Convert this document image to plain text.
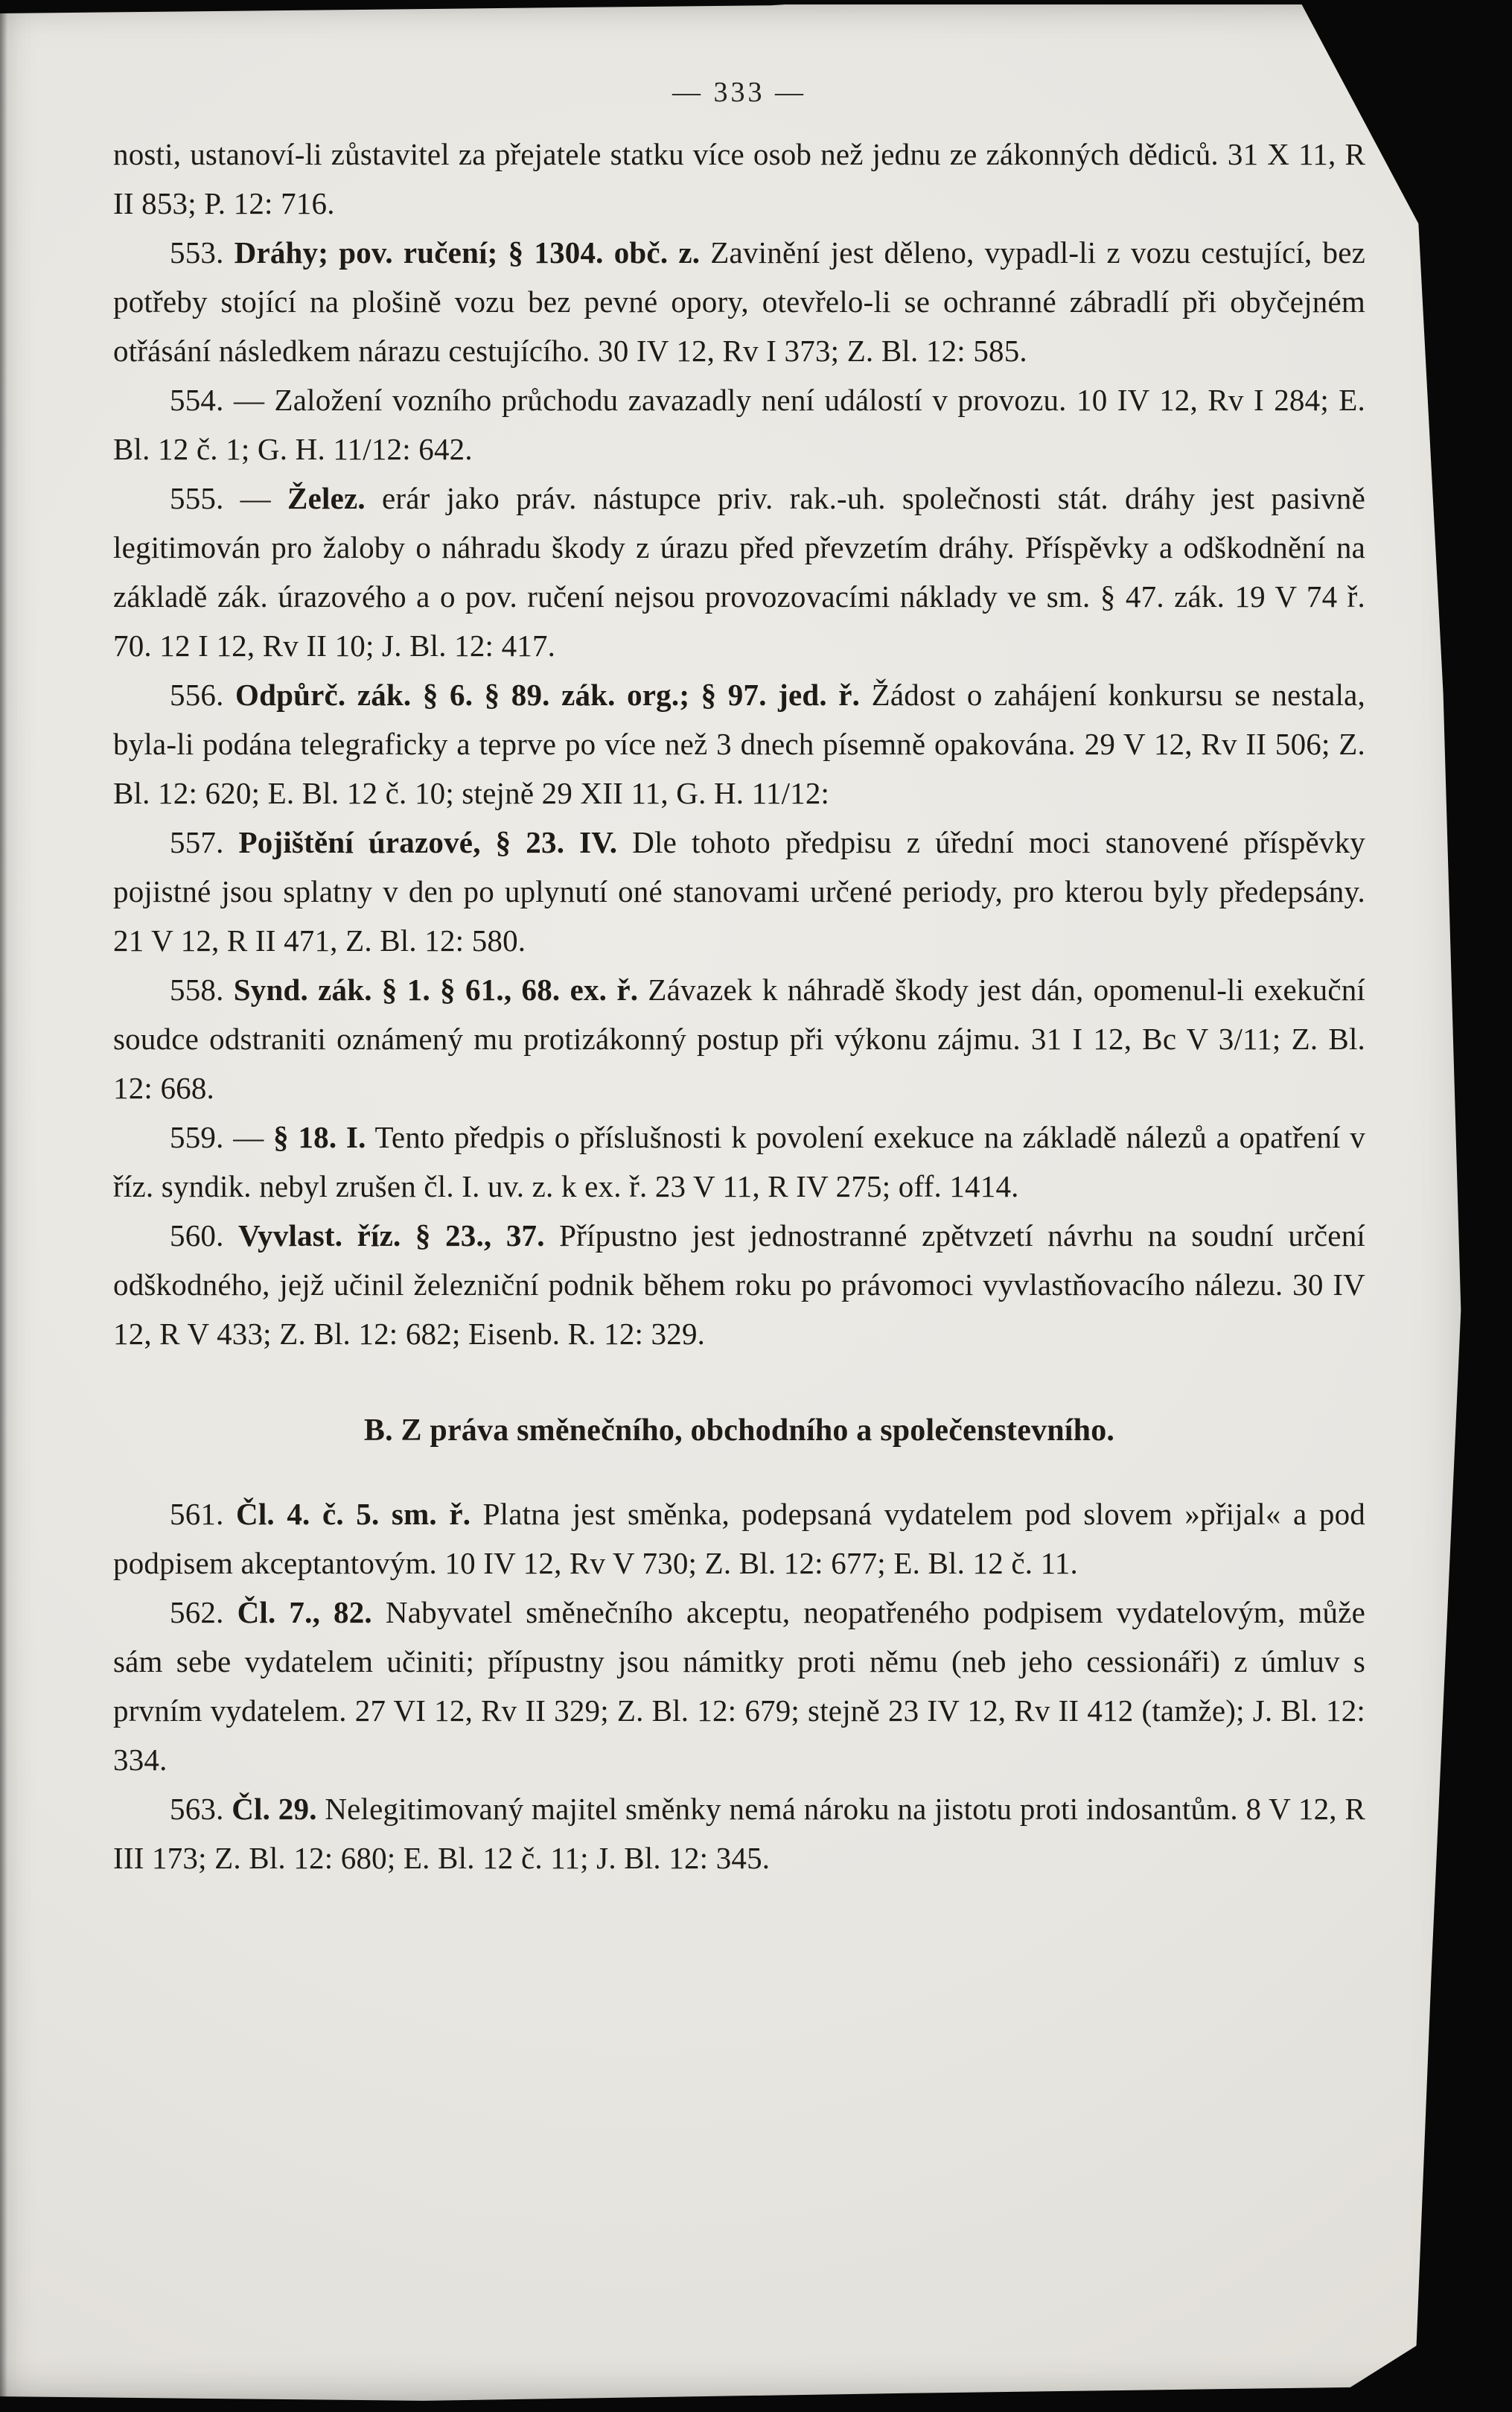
— 333 —

nosti, ustanoví-li zůstavitel za přejatele statku více osob než jednu ze zákonných dědiců. 31 X 11, R II 853; P. 12: 716.

553. Dráhy; pov. ručení; § 1304. obč. z. Zavinění jest děleno, vypadl-li z vozu cestující, bez potřeby stojící na plošině vozu bez pevné opory, otevřelo-li se ochranné zábradlí při obyčejném otřásání následkem nárazu cestujícího. 30 IV 12, Rv I 373; Z. Bl. 12: 585.

554. — Založení vozního průchodu zavazadly není událostí v provozu. 10 IV 12, Rv I 284; E. Bl. 12 č. 1; G. H. 11/12: 642.

555. — Želez. erár jako práv. nástupce priv. rak.-uh. společnosti stát. dráhy jest pasivně legitimován pro žaloby o náhradu škody z úrazu před převzetím dráhy. Příspěvky a odškodnění na základě zák. úrazového a o pov. ručení nejsou provozovacími náklady ve sm. § 47. zák. 19 V 74 ř. 70. 12 I 12, Rv II 10; J. Bl. 12: 417.

556. Odpůrč. zák. § 6. § 89. zák. org.; § 97. jed. ř. Žádost o zahájení konkursu se nestala, byla-li podána telegraficky a teprve po více než 3 dnech písemně opakována. 29 V 12, Rv II 506; Z. Bl. 12: 620; E. Bl. 12 č. 10; stejně 29 XII 11, G. H. 11/12:

557. Pojištění úrazové, § 23. IV. Dle tohoto předpisu z úřední moci stanovené příspěvky pojistné jsou splatny v den po uplynutí oné stanovami určené periody, pro kterou byly předepsány. 21 V 12, R II 471, Z. Bl. 12: 580.

558. Synd. zák. § 1. § 61., 68. ex. ř. Závazek k náhradě škody jest dán, opomenul-li exekuční soudce odstraniti oznámený mu protizákonný postup při výkonu zájmu. 31 I 12, Bc V 3/11; Z. Bl. 12: 668.

559. — § 18. I. Tento předpis o příslušnosti k povolení exekuce na základě nálezů a opatření v říz. syndik. nebyl zrušen čl. I. uv. z. k ex. ř. 23 V 11, R IV 275; off. 1414.

560. Vyvlast. říz. § 23., 37. Přípustno jest jednostranné zpětvzetí návrhu na soudní určení odškodného, jejž učinil železniční podnik během roku po právomoci vyvlastňovacího nálezu. 30 IV 12, R V 433; Z. Bl. 12: 682; Eisenb. R. 12: 329.

B. Z práva směnečního, obchodního a společenstevního.

561. Čl. 4. č. 5. sm. ř. Platna jest směnka, podepsaná vydatelem pod slovem »přijal« a pod podpisem akceptantovým. 10 IV 12, Rv V 730; Z. Bl. 12: 677; E. Bl. 12 č. 11.

562. Čl. 7., 82. Nabyvatel směnečního akceptu, neopatřeného podpisem vydatelovým, může sám sebe vydatelem učiniti; přípustny jsou námitky proti němu (neb jeho cessionáři) z úmluv s prvním vydatelem. 27 VI 12, Rv II 329; Z. Bl. 12: 679; stejně 23 IV 12, Rv II 412 (tamže); J. Bl. 12: 334.

563. Čl. 29. Nelegitimovaný majitel směnky nemá nároku na jistotu proti indosantům. 8 V 12, R III 173; Z. Bl. 12: 680; E. Bl. 12 č. 11; J. Bl. 12: 345.
